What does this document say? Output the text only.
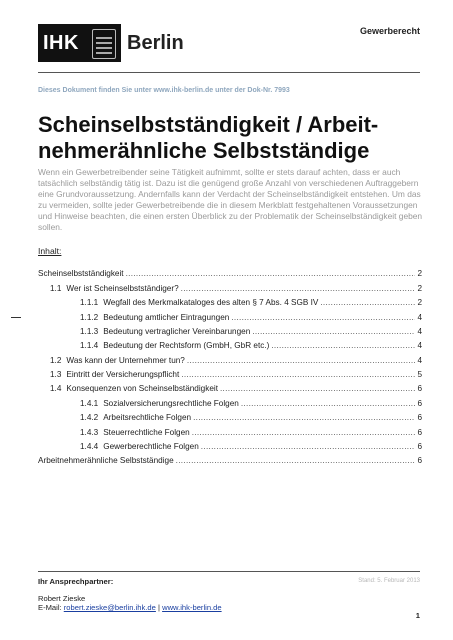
IHK Berlin
Gewerberecht
Dieses Dokument finden Sie unter www.ihk-berlin.de unter der Dok-Nr. 7993
Scheinselbstständigkeit / Arbeit-
nehmerähnliche Selbstständige

Wenn ein Gewerbetreibender seine Tätigkeit aufnimmt, sollte er stets darauf achten, dass er auch tatsächlich selbständig tätig ist. Dazu ist die genügend große Anzahl von verschiedenen Auftraggebern eine Grundvoraussetzung. Andernfalls kann der Verdacht der Scheinselbständigkeit entstehen. Um das zu vermeiden, sollte jeder Gewerbetreibende die in diesem Merkblatt festgehaltenen Voraussetzungen und Hinweise beachten, die einen ersten Überblick zu der Problematik der Scheinselbständigkeit geben sollen.

Inhalt:
Scheinselbstständigkeit .....	2
1.1 Wer ist Scheinselbstständiger? .....	2
1.1.1 Wegfall des Merkmalkataloges des alten § 7 Abs. 4 SGB IV .....	2
1.1.2 Bedeutung amtlicher Eintragungen .....	4
1.1.3 Bedeutung vertraglicher Vereinbarungen .....	4
1.1.4 Bedeutung der Rechtsform (GmbH, GbR etc.) .....	4
1.2 Was kann der Unternehmer tun? .....	4
1.3 Eintritt der Versicherungspflicht .....	5
1.4 Konsequenzen von Scheinselbständigkeit .....	6
1.4.1 Sozialversicherungsrechtliche Folgen .....	6
1.4.2 Arbeitsrechtliche Folgen .....	6
1.4.3 Steuerrechtliche Folgen .....	6
1.4.4 Gewerberechtliche Folgen .....	6
Arbeitnehmerähnliche Selbstständige .....	6
Ihr Ansprechpartner:	Stand: 5. Februar 2013
Robert Zieske
E-Mail: robert.zieske@berlin.ihk.de | www.ihk-berlin.de
1
